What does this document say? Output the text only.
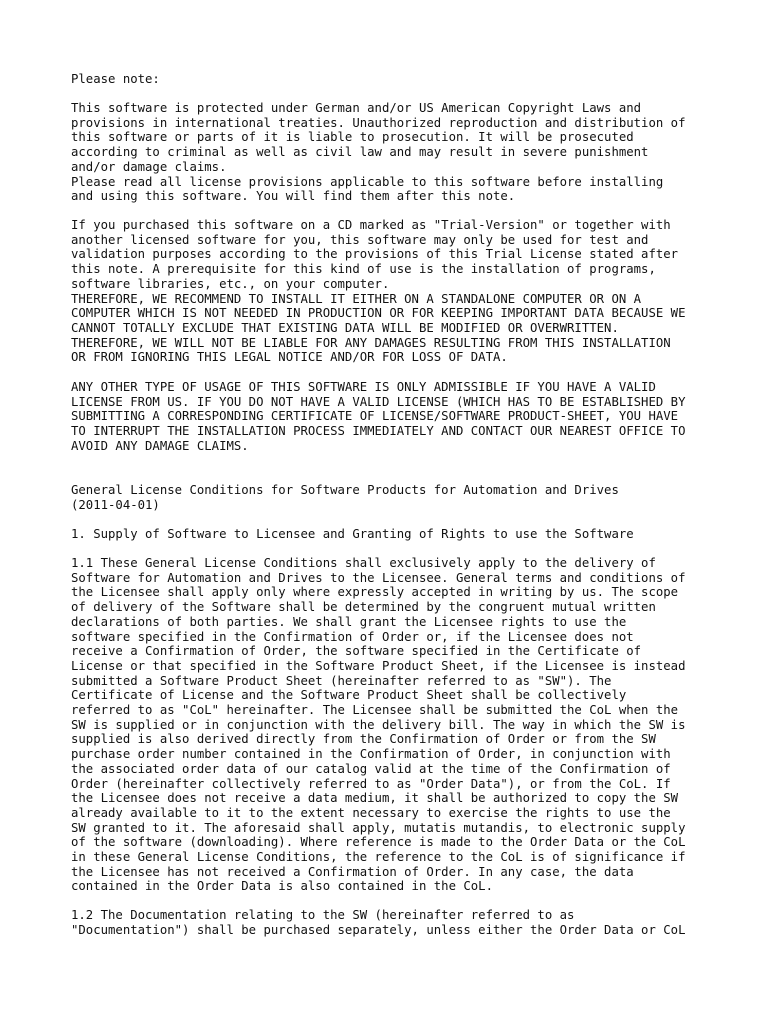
Please note:

This software is protected under German and/or US American Copyright Laws and
provisions in international treaties. Unauthorized reproduction and distribution of
this software or parts of it is liable to prosecution. It will be prosecuted
according to criminal as well as civil law and may result in severe punishment
and/or damage claims.
Please read all license provisions applicable to this software before installing
and using this software. You will find them after this note.

If you purchased this software on a CD marked as "Trial-Version" or together with
another licensed software for you, this software may only be used for test and
validation purposes according to the provisions of this Trial License stated after
this note. A prerequisite for this kind of use is the installation of programs,
software libraries, etc., on your computer.
THEREFORE, WE RECOMMEND TO INSTALL IT EITHER ON A STANDALONE COMPUTER OR ON A
COMPUTER WHICH IS NOT NEEDED IN PRODUCTION OR FOR KEEPING IMPORTANT DATA BECAUSE WE
CANNOT TOTALLY EXCLUDE THAT EXISTING DATA WILL BE MODIFIED OR OVERWRITTEN.
THEREFORE, WE WILL NOT BE LIABLE FOR ANY DAMAGES RESULTING FROM THIS INSTALLATION
OR FROM IGNORING THIS LEGAL NOTICE AND/OR FOR LOSS OF DATA.

ANY OTHER TYPE OF USAGE OF THIS SOFTWARE IS ONLY ADMISSIBLE IF YOU HAVE A VALID
LICENSE FROM US. IF YOU DO NOT HAVE A VALID LICENSE (WHICH HAS TO BE ESTABLISHED BY
SUBMITTING A CORRESPONDING CERTIFICATE OF LICENSE/SOFTWARE PRODUCT-SHEET, YOU HAVE
TO INTERRUPT THE INSTALLATION PROCESS IMMEDIATELY AND CONTACT OUR NEAREST OFFICE TO
AVOID ANY DAMAGE CLAIMS.

General License Conditions for Software Products for Automation and Drives
(2011-04-01)

1. Supply of Software to Licensee and Granting of Rights to use the Software

1.1 These General License Conditions shall exclusively apply to the delivery of
Software for Automation and Drives to the Licensee. General terms and conditions of
the Licensee shall apply only where expressly accepted in writing by us. The scope
of delivery of the Software shall be determined by the congruent mutual written
declarations of both parties. We shall grant the Licensee rights to use the
software specified in the Confirmation of Order or, if the Licensee does not
receive a Confirmation of Order, the software specified in the Certificate of
License or that specified in the Software Product Sheet, if the Licensee is instead
submitted a Software Product Sheet (hereinafter referred to as "SW"). The
Certificate of License and the Software Product Sheet shall be collectively
referred to as "CoL" hereinafter. The Licensee shall be submitted the CoL when the
SW is supplied or in conjunction with the delivery bill. The way in which the SW is
supplied is also derived directly from the Confirmation of Order or from the SW
purchase order number contained in the Confirmation of Order, in conjunction with
the associated order data of our catalog valid at the time of the Confirmation of
Order (hereinafter collectively referred to as "Order Data"), or from the CoL. If
the Licensee does not receive a data medium, it shall be authorized to copy the SW
already available to it to the extent necessary to exercise the rights to use the
SW granted to it. The aforesaid shall apply, mutatis mutandis, to electronic supply
of the software (downloading). Where reference is made to the Order Data or the CoL
in these General License Conditions, the reference to the CoL is of significance if
the Licensee has not received a Confirmation of Order. In any case, the data
contained in the Order Data is also contained in the CoL.

1.2 The Documentation relating to the SW (hereinafter referred to as
"Documentation") shall be purchased separately, unless either the Order Data or CoL
